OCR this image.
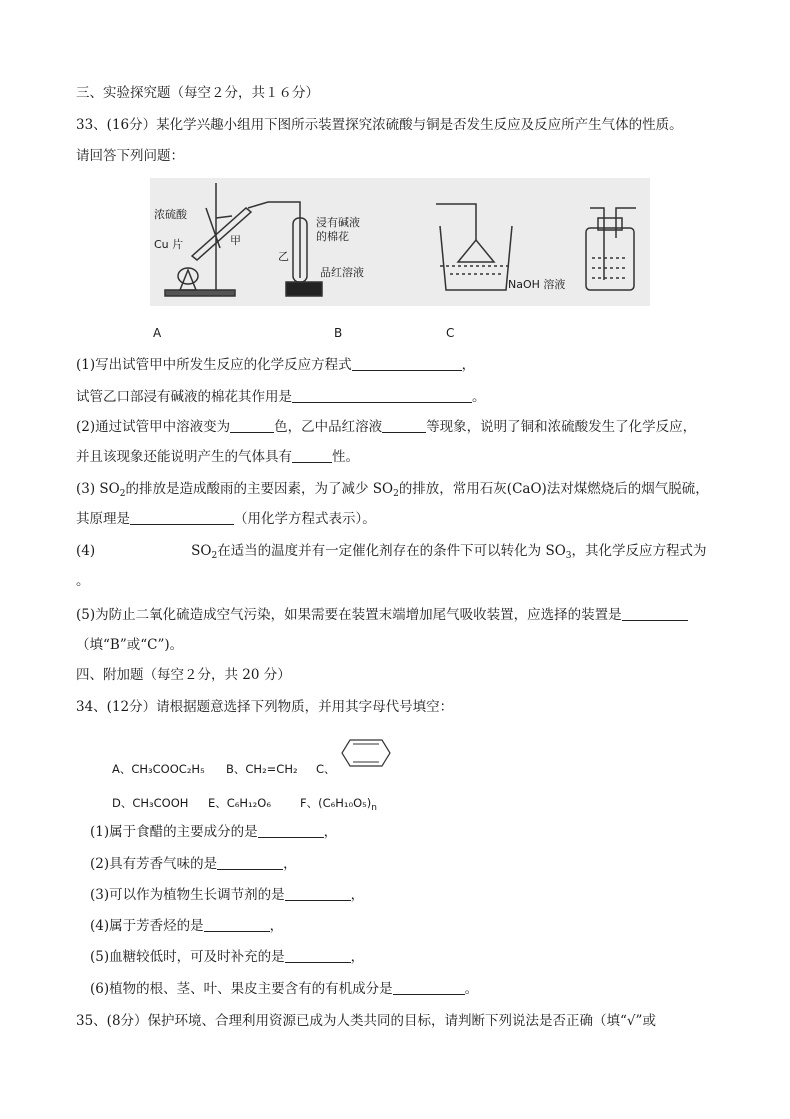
三、实验探究题（每空２分，共１６分）
33、(16分）某化学兴趣小组用下图所示装置探究浓硫酸与铜是否发生反应及反应所产生气体的性质。
请回答下列问题：
浓硫酸
Cu 片	甲
乙
浸有碱液
的棉花
品红溶液
NaOH 溶液
A	B	C
(1)写出试管甲中所发生反应的化学反应方程式	，
试管乙口部浸有碱液的棉花其作用是	。
(2)通过试管甲中溶液变为	色，乙中品红溶液	等现象，说明了铜和浓硫酸发生了化学反应，
并且该现象还能说明产生的气体具有	性。
(3) $SO_2$的排放是造成酸雨的主要因素，为了减少 $SO_2$的排放，常用石灰(CaO)法对煤燃烧后的烟气脱硫，
其原理是	（用化学方程式表示）。
(4)	$SO_2$在适当的温度并有一定催化剂存在的条件下可以转化为 $SO_3$，其化学反应方程式为
。
(5)为防止二氧化硫造成空气污染，如果需要在装置末端增加尾气吸收装置，应选择的装置是
（填“B”或“C”)。
四、附加题（每空２分，共 20 分）
34、(12分）请根据题意选择下列物质，并用其字母代号填空：
A、CH₃COOC₂H₅ B、CH₂=CH₂ C、
D、CH₃COOH E、C₆H₁₂O₆	F、$(C_6H_{10}O_5)_n$
(1)属于食醋的主要成分的是	，
(2)具有芳香气味的是	，
(3)可以作为植物生长调节剂的是	，
(4)属于芳香烃的是	，
(5)血糖较低时，可及时补充的是	，
(6)植物的根、茎、叶、果皮主要含有的有机成分是	。
35、(8分）保护环境、合理利用资源已成为人类共同的目标，请判断下列说法是否正确（填“√”或
